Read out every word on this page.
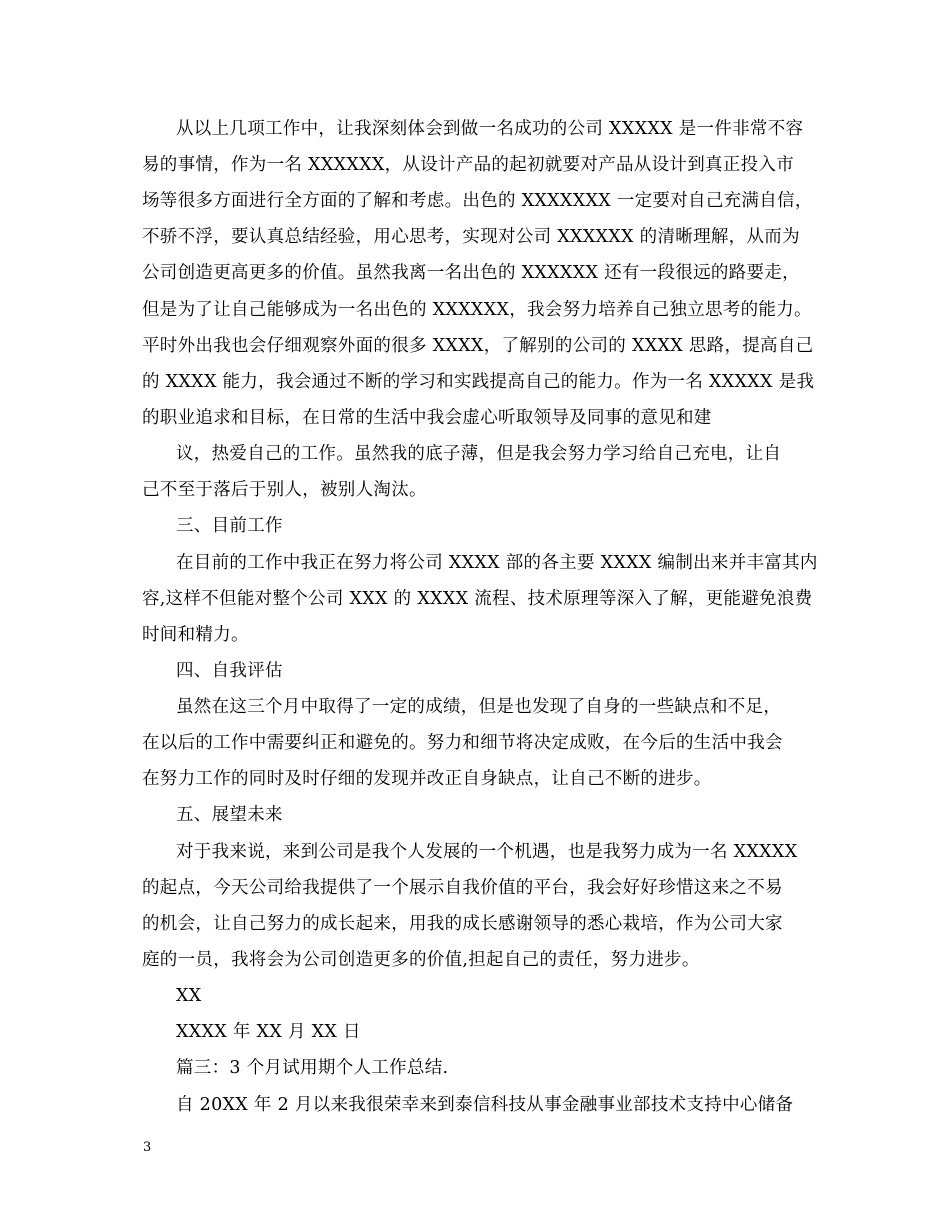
从以上几项工作中，让我深刻体会到做一名成功的公司 XXXXX 是一件非常不容
易的事情，作为一名 XXXXXX，从设计产品的起初就要对产品从设计到真正投入市
场等很多方面进行全方面的了解和考虑。出色的 XXXXXXX 一定要对自己充满自信，
不骄不浮，要认真总结经验，用心思考，实现对公司 XXXXXX 的清晰理解，从而为
公司创造更高更多的价值。虽然我离一名出色的 XXXXXX 还有一段很远的路要走，
但是为了让自己能够成为一名出色的 XXXXXX，我会努力培养自己独立思考的能力。
平时外出我也会仔细观察外面的很多 XXXX，了解别的公司的 XXXX 思路，提高自己
的 XXXX 能力，我会通过不断的学习和实践提高自己的能力。作为一名 XXXXX 是我
的职业追求和目标，在日常的生活中我会虚心听取领导及同事的意见和建
议，热爱自己的工作。虽然我的底子薄，但是我会努力学习给自己充电，让自
己不至于落后于别人，被别人淘汰。
三、目前工作
在目前的工作中我正在努力将公司 XXXX 部的各主要 XXXX 编制出来并丰富其内
容,这样不但能对整个公司 XXX 的 XXXX 流程、技术原理等深入了解，更能避免浪费
时间和精力。
四、自我评估
虽然在这三个月中取得了一定的成绩，但是也发现了自身的一些缺点和不足，
在以后的工作中需要纠正和避免的。努力和细节将决定成败，在今后的生活中我会
在努力工作的同时及时仔细的发现并改正自身缺点，让自己不断的进步。
五、展望未来
对于我来说，来到公司是我个人发展的一个机遇，也是我努力成为一名 XXXXX
的起点，今天公司给我提供了一个展示自我价值的平台，我会好好珍惜这来之不易
的机会，让自己努力的成长起来，用我的成长感谢领导的悉心栽培，作为公司大家
庭的一员，我将会为公司创造更多的价值,担起自己的责任，努力进步。
XX
XXXX 年 XX 月 XX 日
篇三：3 个月试用期个人工作总结.
自 20XX 年 2 月以来我很荣幸来到泰信科技从事金融事业部技术支持中心储备
3
